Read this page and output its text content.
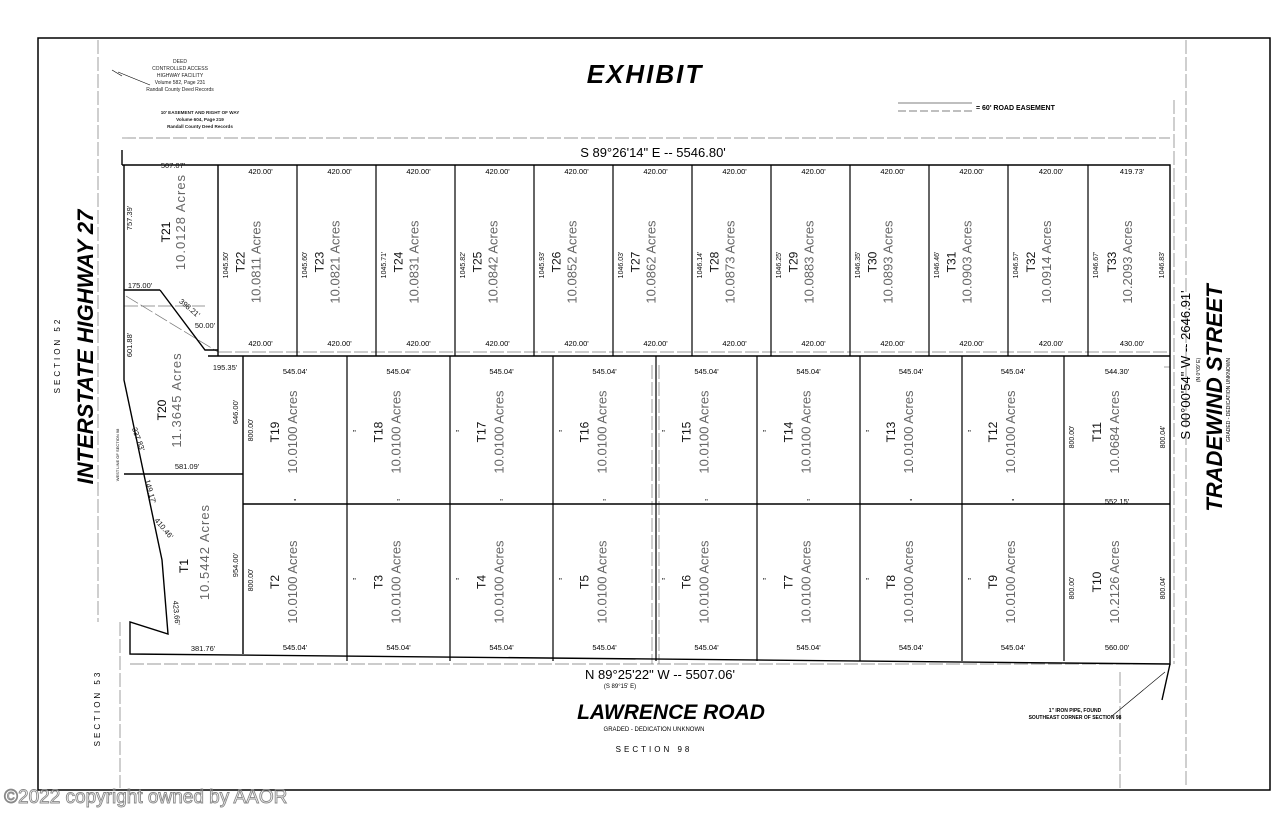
EXHIBIT
DEED
CONTROLLED ACCESS
HIGHWAY FACILITY
Volume 582, Page 231
Randall County Deed Records
10' EASEMENT AND RIGHT OF WAY
Volume 604, Page 219
Randall County Deed Records
= 60' ROAD EASEMENT
S 89°26'14" E -- 5546.80'
N 89°25'22" W -- 5507.06'
(S 89°15' E)
S 00°00'54" W -- 2646.91' (N 0°09' E)
INTERSTATE HIGHWAY 27	TRADEWIND STREET GRADED - DEDICATION UNKNOWN
LAWRENCE ROAD
GRADED - DEDICATION UNKNOWN
SECTION 52
SECTION 53
SECTION 98
WEST LINE OF SECTION 98
1" IRON PIPE, FOUND
SOUTHEAST CORNER OF SECTION 98
507.07'
757.39'
175.00'
398.21'
50.00'
195.35'
601.88'
337.83'
581.09'
646.00'
149.17'
410.46'
954.00'
423.66'
381.76'
T21 10.0128 Acres
T20 11.3645 Acres
T1 10.5442 Acres
T22 10.0811 Acres
420.00'
420.00'
1045.50'	T23 10.0821 Acres
420.00'
420.00'
1045.60'	T24 10.0831 Acres
420.00'
420.00'
1045.71'	T25 10.0842 Acres
420.00'
420.00'
1045.82'	T26 10.0852 Acres
420.00'
420.00'
1045.93'	T27 10.0862 Acres
420.00'
420.00'
1046.03'	T28 10.0873 Acres
420.00'
420.00'
1046.14'	T29 10.0883 Acres
420.00'
420.00'
1046.25'	T30 10.0893 Acres
420.00'
420.00'
1046.35'	T31 10.0903 Acres
420.00'
420.00'
1046.46'	T32 10.0914 Acres
420.00'
420.00'
1046.57'	T33 10.2093 Acres
419.73'
430.00'
1046.67'	1046.83'
T19 10.0100 Acres
545.04'
"
800.00'	T18 10.0100 Acres
545.04'
"
"	T17 10.0100 Acres
545.04'
"
"	T16 10.0100 Acres
545.04'
"
"	T15 10.0100 Acres
545.04'
"
"	T14 10.0100 Acres
545.04'
"
"	T13 10.0100 Acres
545.04'
"
"	T12 10.0100 Acres
545.04'
"
"	T11 10.0684 Acres
544.30'
552.15'
800.00'	800.04'
T2 10.0100 Acres
545.04'
800.00'	T3 10.0100 Acres
545.04'
"	T4 10.0100 Acres
545.04'
"	T5 10.0100 Acres
545.04'
"	T6 10.0100 Acres
545.04'
"	T7 10.0100 Acres
545.04'
"	T8 10.0100 Acres
545.04'
"	T9 10.0100 Acres
545.04'
"	T10 10.2126 Acres
560.00'
800.00'	800.04'
©2022 copyright owned by AAOR
